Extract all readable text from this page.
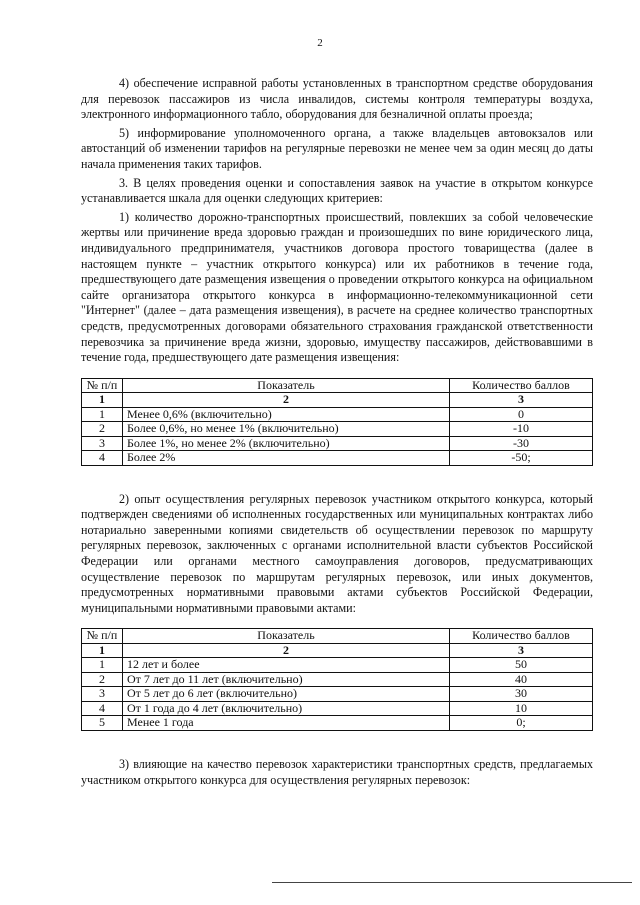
2

4) обеспечение исправной работы установленных в транспортном средстве оборудования для перевозок пассажиров из числа инвалидов, системы контроля температуры воздуха, электронного информационного табло, оборудования для безналичной оплаты проезда;

5) информирование уполномоченного органа, а также владельцев автовокзалов или автостанций об изменении тарифов на регулярные перевозки не менее чем за один месяц до даты начала применения таких тарифов.

3. В целях проведения оценки и сопоставления заявок на участие в открытом конкурсе устанавливается шкала для оценки следующих критериев:

1) количество дорожно-транспортных происшествий, повлекших за собой человеческие жертвы или причинение вреда здоровью граждан и произошедших по вине юридического лица, индивидуального предпринимателя, участников договора простого товарищества (далее в настоящем пункте – участник открытого конкурса) или их работников в течение года, предшествующего дате размещения извещения о проведении открытого конкурса на официальном сайте организатора открытого конкурса в информационно-телекоммуникационной сети "Интернет" (далее – дата размещения извещения), в расчете на среднее количество транспортных средств, предусмотренных договорами обязательного страхования гражданской ответственности перевозчика за причинение вреда жизни, здоровью, имуществу пассажиров, действовавшими в течение года, предшествующего дате размещения извещения:

№ п/п	Показатель	Количество баллов
1	2	3
1	Менее 0,6% (включительно)	0
2	Более 0,6%, но менее 1% (включительно)	-10
3	Более 1%, но менее 2% (включительно)	-30
4	Более 2%	-50;

2) опыт осуществления регулярных перевозок участником открытого конкурса, который подтвержден сведениями об исполненных государственных или муниципальных контрактах либо нотариально заверенными копиями свидетельств об осуществлении перевозок по маршруту регулярных перевозок, заключенных с органами исполнительной власти субъектов Российской Федерации или органами местного самоуправления договоров, предусматривающих осуществление перевозок по маршрутам регулярных перевозок, или иных документов, предусмотренных нормативными правовыми актами субъектов Российской Федерации, муниципальными нормативными правовыми актами:

№ п/п	Показатель	Количество баллов
1	2	3
1	12 лет и более	50
2	От 7 лет до 11 лет (включительно)	40
3	От 5 лет до 6 лет (включительно)	30
4	От 1 года до 4 лет (включительно)	10
5	Менее 1 года	0;

3) влияющие на качество перевозок характеристики транспортных средств, предлагаемых участником открытого конкурса для осуществления регулярных перевозок:
